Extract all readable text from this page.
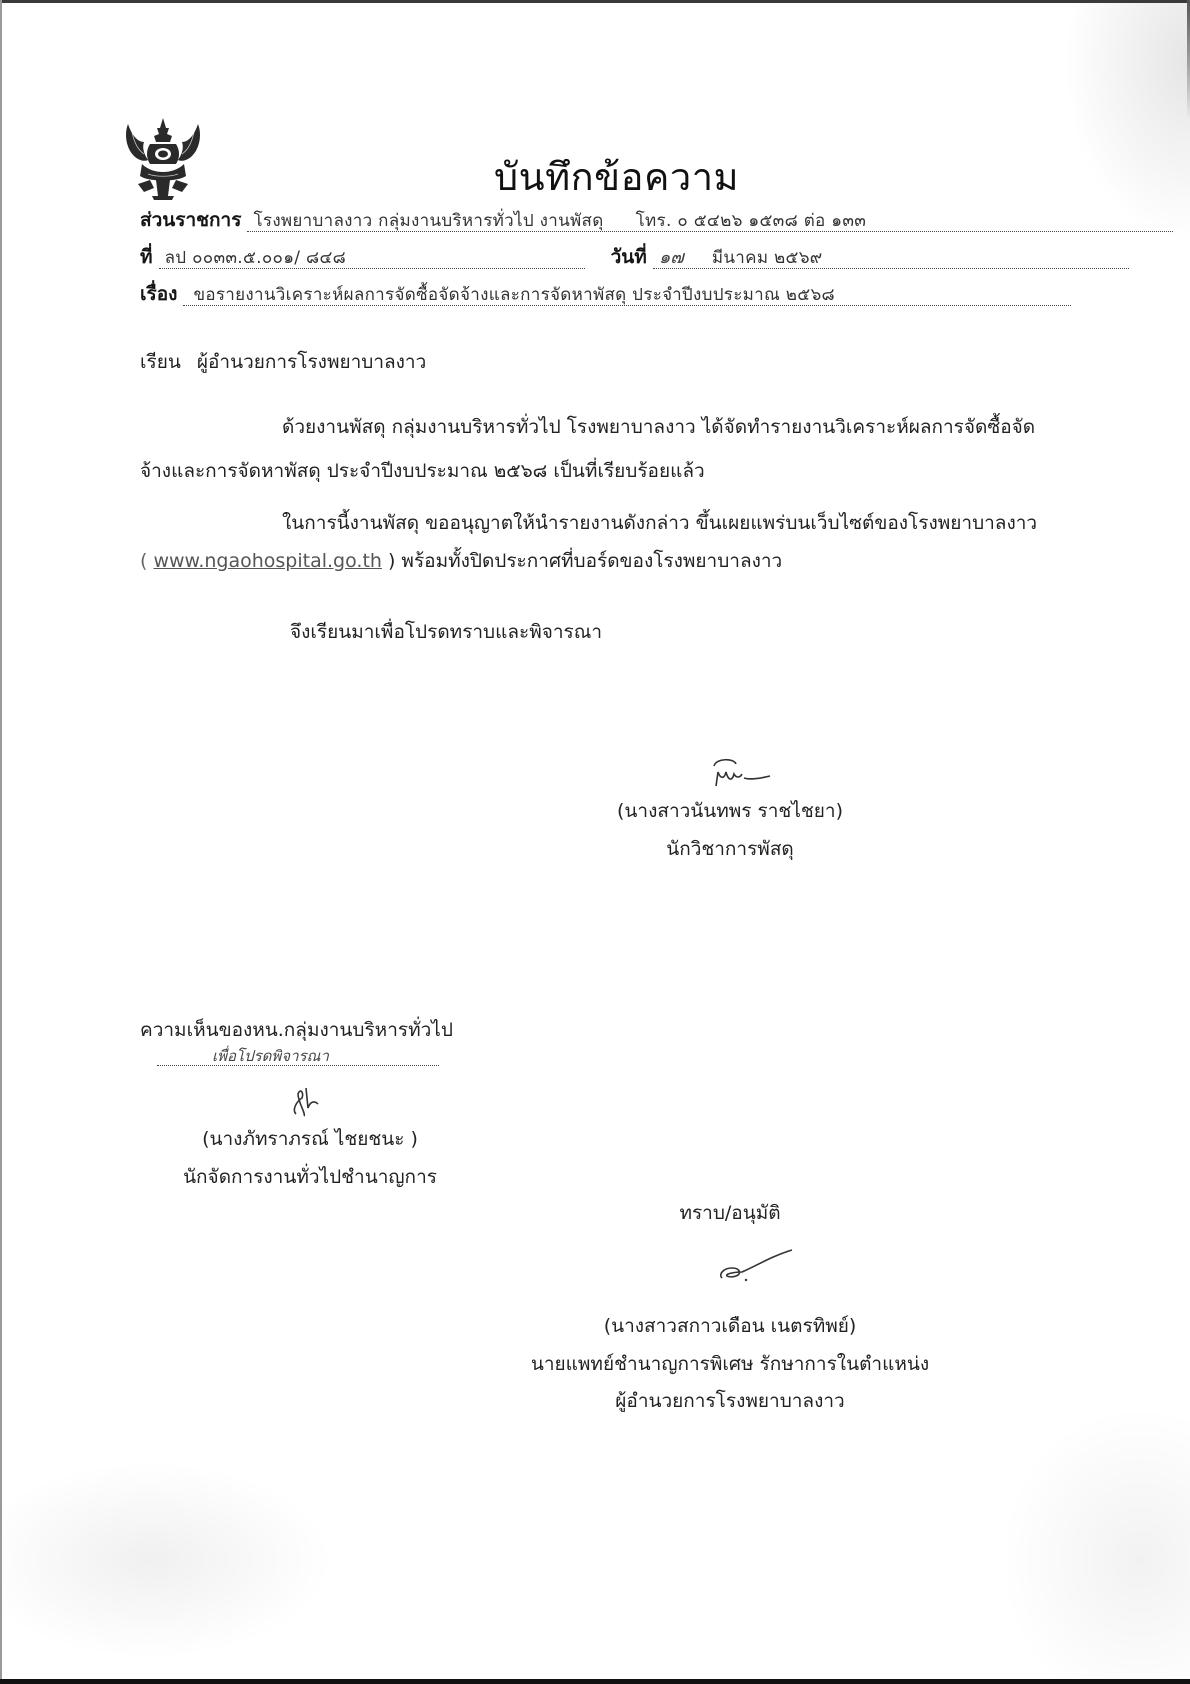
บันทึกข้อความ
ส่วนราชการ โรงพยาบาลงาว กลุ่มงานบริหารทั่วไป งานพัสดุ โทร. ๐ ๕๔๒๖ ๑๕๓๘ ต่อ ๑๓๓
ที่ ลป ๐๐๓๓.๕.๐๐๑/ ๘๔๘	วันที่ ๑๗ มีนาคม ๒๕๖๙
เรื่อง ขอรายงานวิเคราะห์ผลการจัดซื้อจัดจ้างและการจัดหาพัสดุ ประจำปีงบประมาณ ๒๕๖๘
เรียน ผู้อำนวยการโรงพยาบาลงาว
ด้วยงานพัสดุ กลุ่มงานบริหารทั่วไป โรงพยาบาลงาว ได้จัดทำรายงานวิเคราะห์ผลการจัดซื้อจัด
จ้างและการจัดหาพัสดุ ประจำปีงบประมาณ ๒๕๖๘ เป็นที่เรียบร้อยแล้ว
ในการนี้งานพัสดุ ขออนุญาตให้นำรายงานดังกล่าว ขึ้นเผยแพร่บนเว็บไซต์ของโรงพยาบาลงาว
( www.ngaohospital.go.th ) พร้อมทั้งปิดประกาศที่บอร์ดของโรงพยาบาลงาว
จึงเรียนมาเพื่อโปรดทราบและพิจารณา
(นางสาวนันทพร ราชไชยา)
นักวิชาการพัสดุ
ความเห็นของหน.กลุ่มงานบริหารทั่วไป
เพื่อโปรดพิจารณา
(นางภัทราภรณ์ ไชยชนะ )
นักจัดการงานทั่วไปชำนาญการ
ทราบ/อนุมัติ
(นางสาวสกาวเดือน เนตรทิพย์)
นายแพทย์ชำนาญการพิเศษ รักษาการในตำแหน่ง
ผู้อำนวยการโรงพยาบาลงาว
